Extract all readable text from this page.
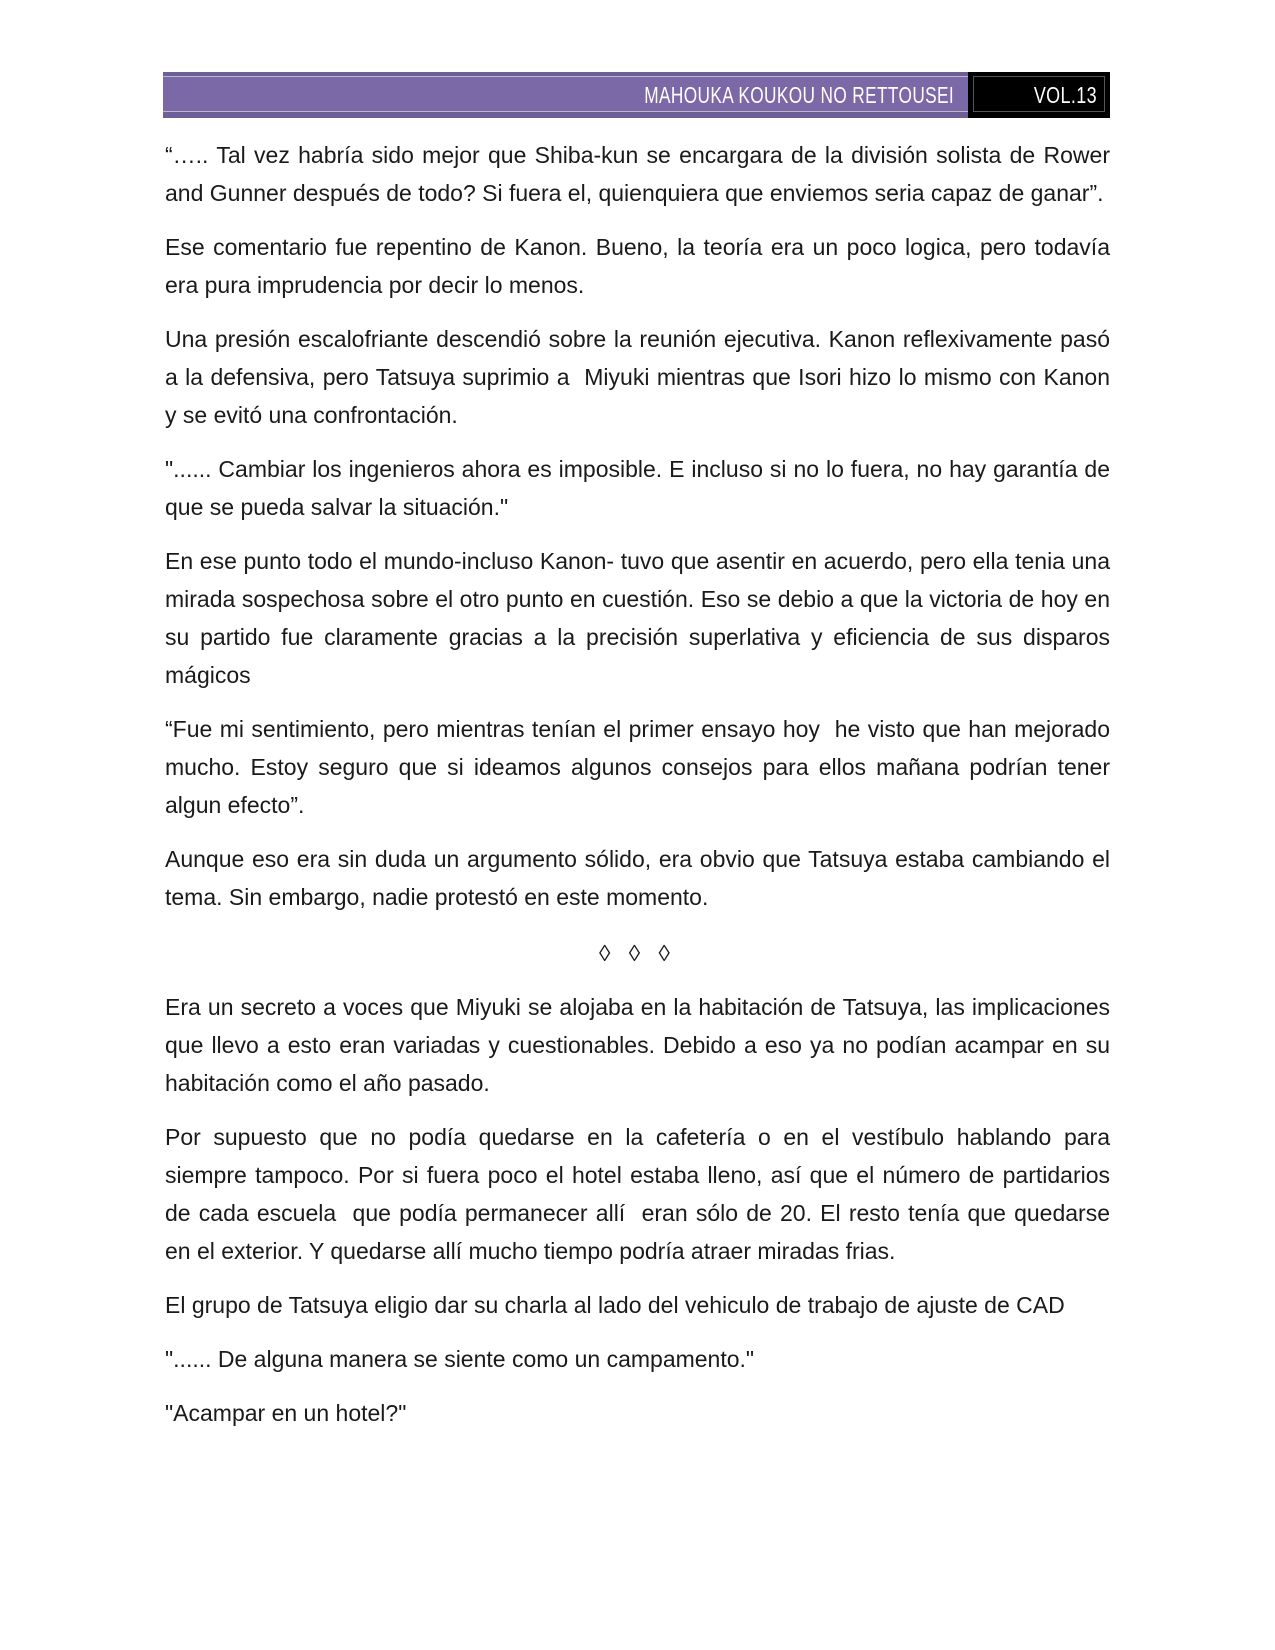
MAHOUKA KOUKOU NO RETTOUSEI	VOL.13

“….. Tal vez habría sido mejor que Shiba-kun se encargara de la división solista de Rower and Gunner después de todo? Si fuera el, quienquiera que enviemos seria capaz de ganar”.

Ese comentario fue repentino de Kanon. Bueno, la teoría era un poco logica, pero todavía era pura imprudencia por decir lo menos.

Una presión escalofriante descendió sobre la reunión ejecutiva. Kanon reflexivamente pasó a la defensiva, pero Tatsuya suprimio a  Miyuki mientras que Isori hizo lo mismo con Kanon y se evitó una confrontación.

"...... Cambiar los ingenieros ahora es imposible. E incluso si no lo fuera, no hay garantía de que se pueda salvar la situación."

En ese punto todo el mundo-incluso Kanon- tuvo que asentir en acuerdo, pero ella tenia una mirada sospechosa sobre el otro punto en cuestión. Eso se debio a que la victoria de hoy en su partido fue claramente gracias a la precisión superlativa y eficiencia de sus disparos mágicos

“Fue mi sentimiento, pero mientras tenían el primer ensayo hoy  he visto que han mejorado mucho. Estoy seguro que si ideamos algunos consejos para ellos mañana podrían tener algun efecto”.

Aunque eso era sin duda un argumento sólido, era obvio que Tatsuya estaba cambiando el tema. Sin embargo, nadie protestó en este momento.

◊ ◊ ◊

Era un secreto a voces que Miyuki se alojaba en la habitación de Tatsuya, las implicaciones que llevo a esto eran variadas y cuestionables. Debido a eso ya no podían acampar en su habitación como el año pasado.

Por supuesto que no podía quedarse en la cafetería o en el vestíbulo hablando para siempre tampoco. Por si fuera poco el hotel estaba lleno, así que el número de partidarios de cada escuela  que podía permanecer allí  eran sólo de 20. El resto tenía que quedarse en el exterior. Y quedarse allí mucho tiempo podría atraer miradas frias.

El grupo de Tatsuya eligio dar su charla al lado del vehiculo de trabajo de ajuste de CAD

"...... De alguna manera se siente como un campamento."

"Acampar en un hotel?"
